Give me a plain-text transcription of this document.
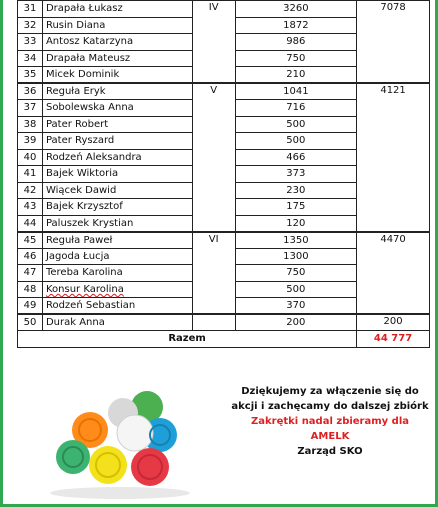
31	Drapała Łukasz	IV	3260	7078
32	Rusin Diana		1872	
33	Antosz Katarzyna		986	
34	Drapała Mateusz		750	
35	Micek Dominik		210	
36	Reguła Eryk	V	1041	4121
37	Sobolewska Anna		716	
38	Pater Robert		500	
39	Pater Ryszard		500	
40	Rodzeń Aleksandra		466	
41	Bajek Wiktoria		373	
42	Wiącek Dawid		230	
43	Bajek Krzysztof		175	
44	Paluszek Krystian		120	
45	Reguła Paweł	VI	1350	4470
46	Jagoda Łucja		1300	
47	Tereba Karolina		750	
48	Konsur Karolina		500	
49	Rodzeń Sebastian		370	
50	Durak Anna		200	200
Razem				44 777
Dziękujemy za włączenie się do
akcji i zachęcamy do dalszej zbiórk
Zakrętki nadal zbieramy dla AMELK
Zarząd SKO
